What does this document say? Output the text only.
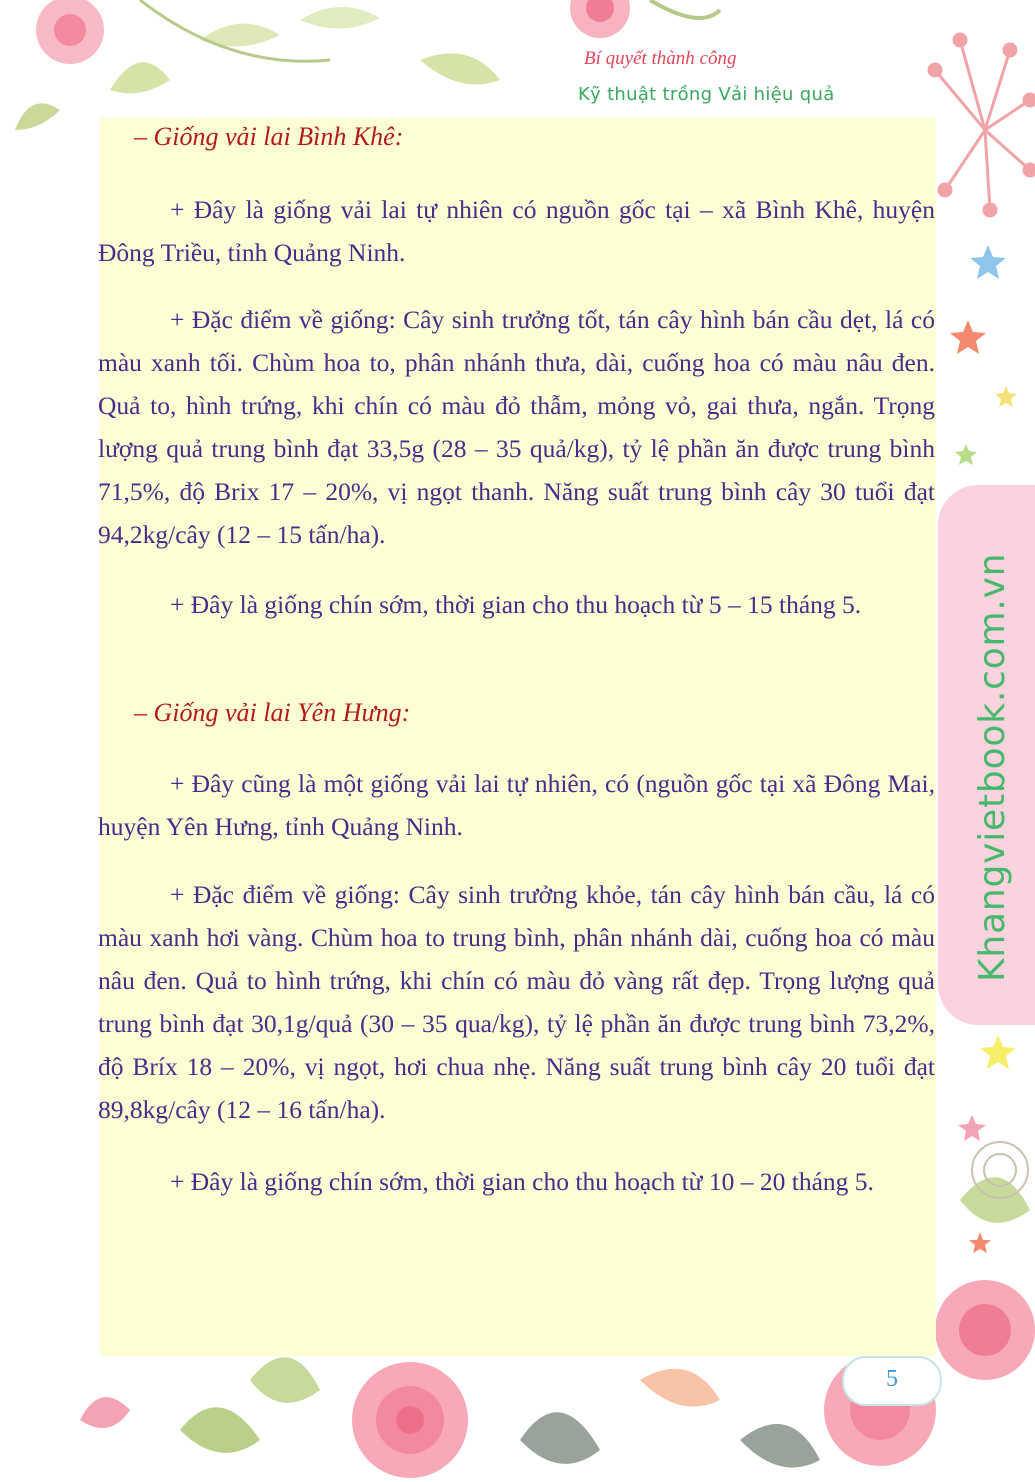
Bí quyết thành công
Kỹ thuật trồng Vải hiệu quả
– Giống vải lai Bình Khê:

+ Đây là giống vải lai tự nhiên có nguồn gốc tại – xã Bình Khê, huyện Đông Triều, tỉnh Quảng Ninh.

+ Đặc điểm về giống: Cây sinh trưởng tốt, tán cây hình bán cầu dẹt, lá có màu xanh tối. Chùm hoa to, phân nhánh thưa, dài, cuống hoa có màu nâu đen. Quả to, hình trứng, khi chín có màu đỏ thẫm, mỏng vỏ, gai thưa, ngắn. Trọng lượng quả trung bình đạt 33,5g (28 – 35 quả/kg), tỷ lệ phần ăn được trung bình 71,5%, độ Brix 17 – 20%, vị ngọt thanh. Năng suất trung bình cây 30 tuổi đạt 94,2kg/cây (12 – 15 tấn/ha).

+ Đây là giống chín sớm, thời gian cho thu hoạch từ 5 – 15 tháng 5.

– Giống vải lai Yên Hưng:

+ Đây cũng là một giống vải lai tự nhiên, có (nguồn gốc tại xã Đông Mai, huyện Yên Hưng, tỉnh Quảng Ninh.

+ Đặc điểm về giống: Cây sinh trưởng khỏe, tán cây hình bán cầu, lá có màu xanh hơi vàng. Chùm hoa to trung bình, phân nhánh dài, cuống hoa có màu nâu đen. Quả to hình trứng, khi chín có màu đỏ vàng rất đẹp. Trọng lượng quả trung bình đạt 30,1g/quả (30 – 35 qua/kg), tỷ lệ phần ăn được trung bình 73,2%, độ Bríx 18 – 20%, vị ngọt, hơi chua nhẹ. Năng suất trung bình cây 20 tuổi đạt 89,8kg/cây (12 – 16 tấn/ha).

+ Đây là giống chín sớm, thời gian cho thu hoạch từ 10 – 20 tháng 5.

Khangvietbook.com.vn
5
